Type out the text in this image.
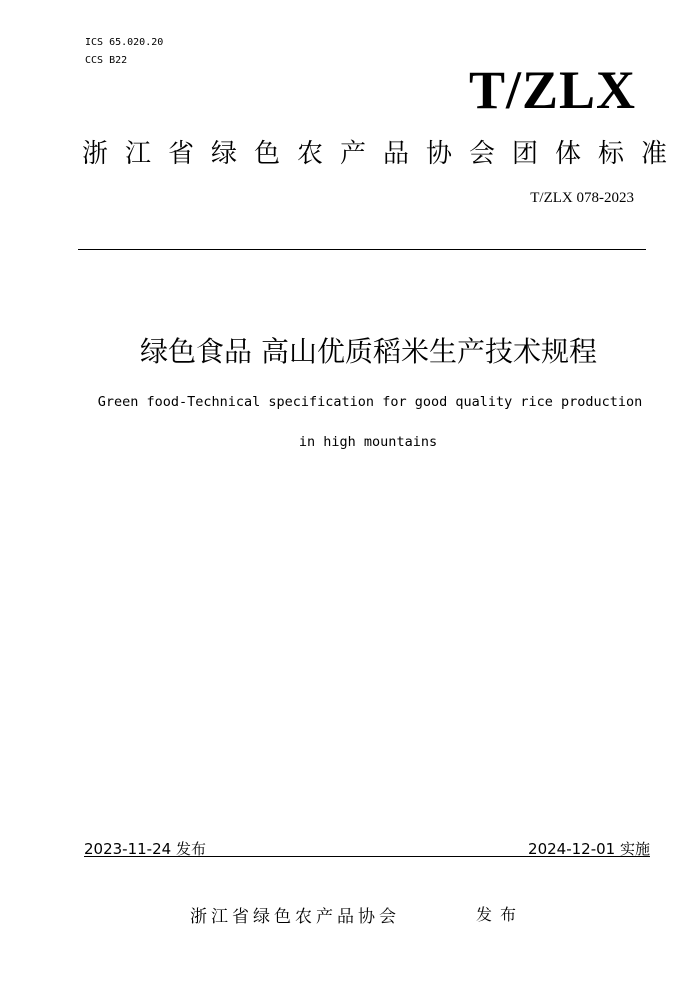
ICS 65.020.20
CCS B22	T/ZLX
浙江省绿色农产品协会团体标准
T/ZLX 078-2023
绿色食品 高山优质稻米生产技术规程
Green food-Technical specification for good quality rice production
in high mountains
2023-11-24 发布	2024-12-01 实施
浙江省绿色农产品协会	发布
